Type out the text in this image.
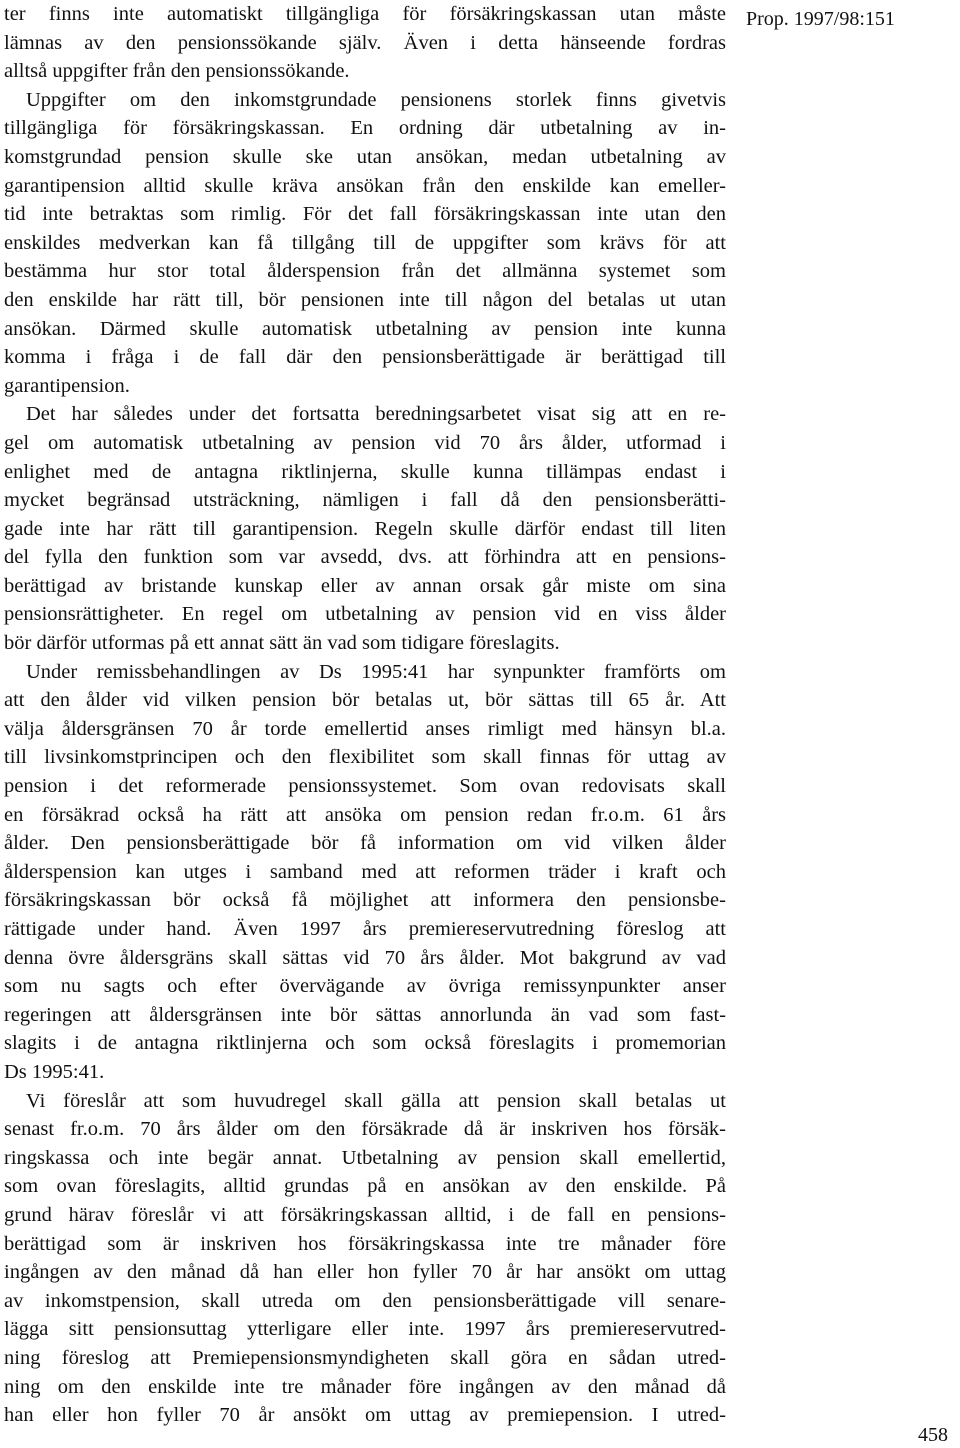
Prop. 1997/98:151
ter finns inte automatiskt tillgängliga för försäkringskassan utan måste
lämnas av den pensionssökande själv. Även i detta hänseende fordras
alltså uppgifter från den pensionssökande.
Uppgifter om den inkomstgrundade pensionens storlek finns givetvis
tillgängliga för försäkringskassan. En ordning där utbetalning av in-
komstgrundad pension skulle ske utan ansökan, medan utbetalning av
garantipension alltid skulle kräva ansökan från den enskilde kan emeller-
tid inte betraktas som rimlig. För det fall försäkringskassan inte utan den
enskildes medverkan kan få tillgång till de uppgifter som krävs för att
bestämma hur stor total ålderspension från det allmänna systemet som
den enskilde har rätt till, bör pensionen inte till någon del betalas ut utan
ansökan. Därmed skulle automatisk utbetalning av pension inte kunna
komma i fråga i de fall där den pensionsberättigade är berättigad till
garantipension.
Det har således under det fortsatta beredningsarbetet visat sig att en re-
gel om automatisk utbetalning av pension vid 70 års ålder, utformad i
enlighet med de antagna riktlinjerna, skulle kunna tillämpas endast i
mycket begränsad utsträckning, nämligen i fall då den pensionsberätti-
gade inte har rätt till garantipension. Regeln skulle därför endast till liten
del fylla den funktion som var avsedd, dvs. att förhindra att en pensions-
berättigad av bristande kunskap eller av annan orsak går miste om sina
pensionsrättigheter. En regel om utbetalning av pension vid en viss ålder
bör därför utformas på ett annat sätt än vad som tidigare föreslagits.
Under remissbehandlingen av Ds 1995:41 har synpunkter framförts om
att den ålder vid vilken pension bör betalas ut, bör sättas till 65 år. Att
välja åldersgränsen 70 år torde emellertid anses rimligt med hänsyn bl.a.
till livsinkomstprincipen och den flexibilitet som skall finnas för uttag av
pension i det reformerade pensionssystemet. Som ovan redovisats skall
en försäkrad också ha rätt att ansöka om pension redan fr.o.m. 61 års
ålder. Den pensionsberättigade bör få information om vid vilken ålder
ålderspension kan utges i samband med att reformen träder i kraft och
försäkringskassan bör också få möjlighet att informera den pensionsbe-
rättigade under hand. Även 1997 års premiereservutredning föreslog att
denna övre åldersgräns skall sättas vid 70 års ålder. Mot bakgrund av vad
som nu sagts och efter övervägande av övriga remissynpunkter anser
regeringen att åldersgränsen inte bör sättas annorlunda än vad som fast-
slagits i de antagna riktlinjerna och som också föreslagits i promemorian
Ds 1995:41.
Vi föreslår att som huvudregel skall gälla att pension skall betalas ut
senast fr.o.m. 70 års ålder om den försäkrade då är inskriven hos försäk-
ringskassa och inte begär annat. Utbetalning av pension skall emellertid,
som ovan föreslagits, alltid grundas på en ansökan av den enskilde. På
grund härav föreslår vi att försäkringskassan alltid, i de fall en pensions-
berättigad som är inskriven hos försäkringskassa inte tre månader före
ingången av den månad då han eller hon fyller 70 år har ansökt om uttag
av inkomstpension, skall utreda om den pensionsberättigade vill senare-
lägga sitt pensionsuttag ytterligare eller inte. 1997 års premiereservutred-
ning föreslog att Premiepensionsmyndigheten skall göra en sådan utred-
ning om den enskilde inte tre månader före ingången av den månad då
han eller hon fyller 70 år ansökt om uttag av premiepension. I utred-
458
